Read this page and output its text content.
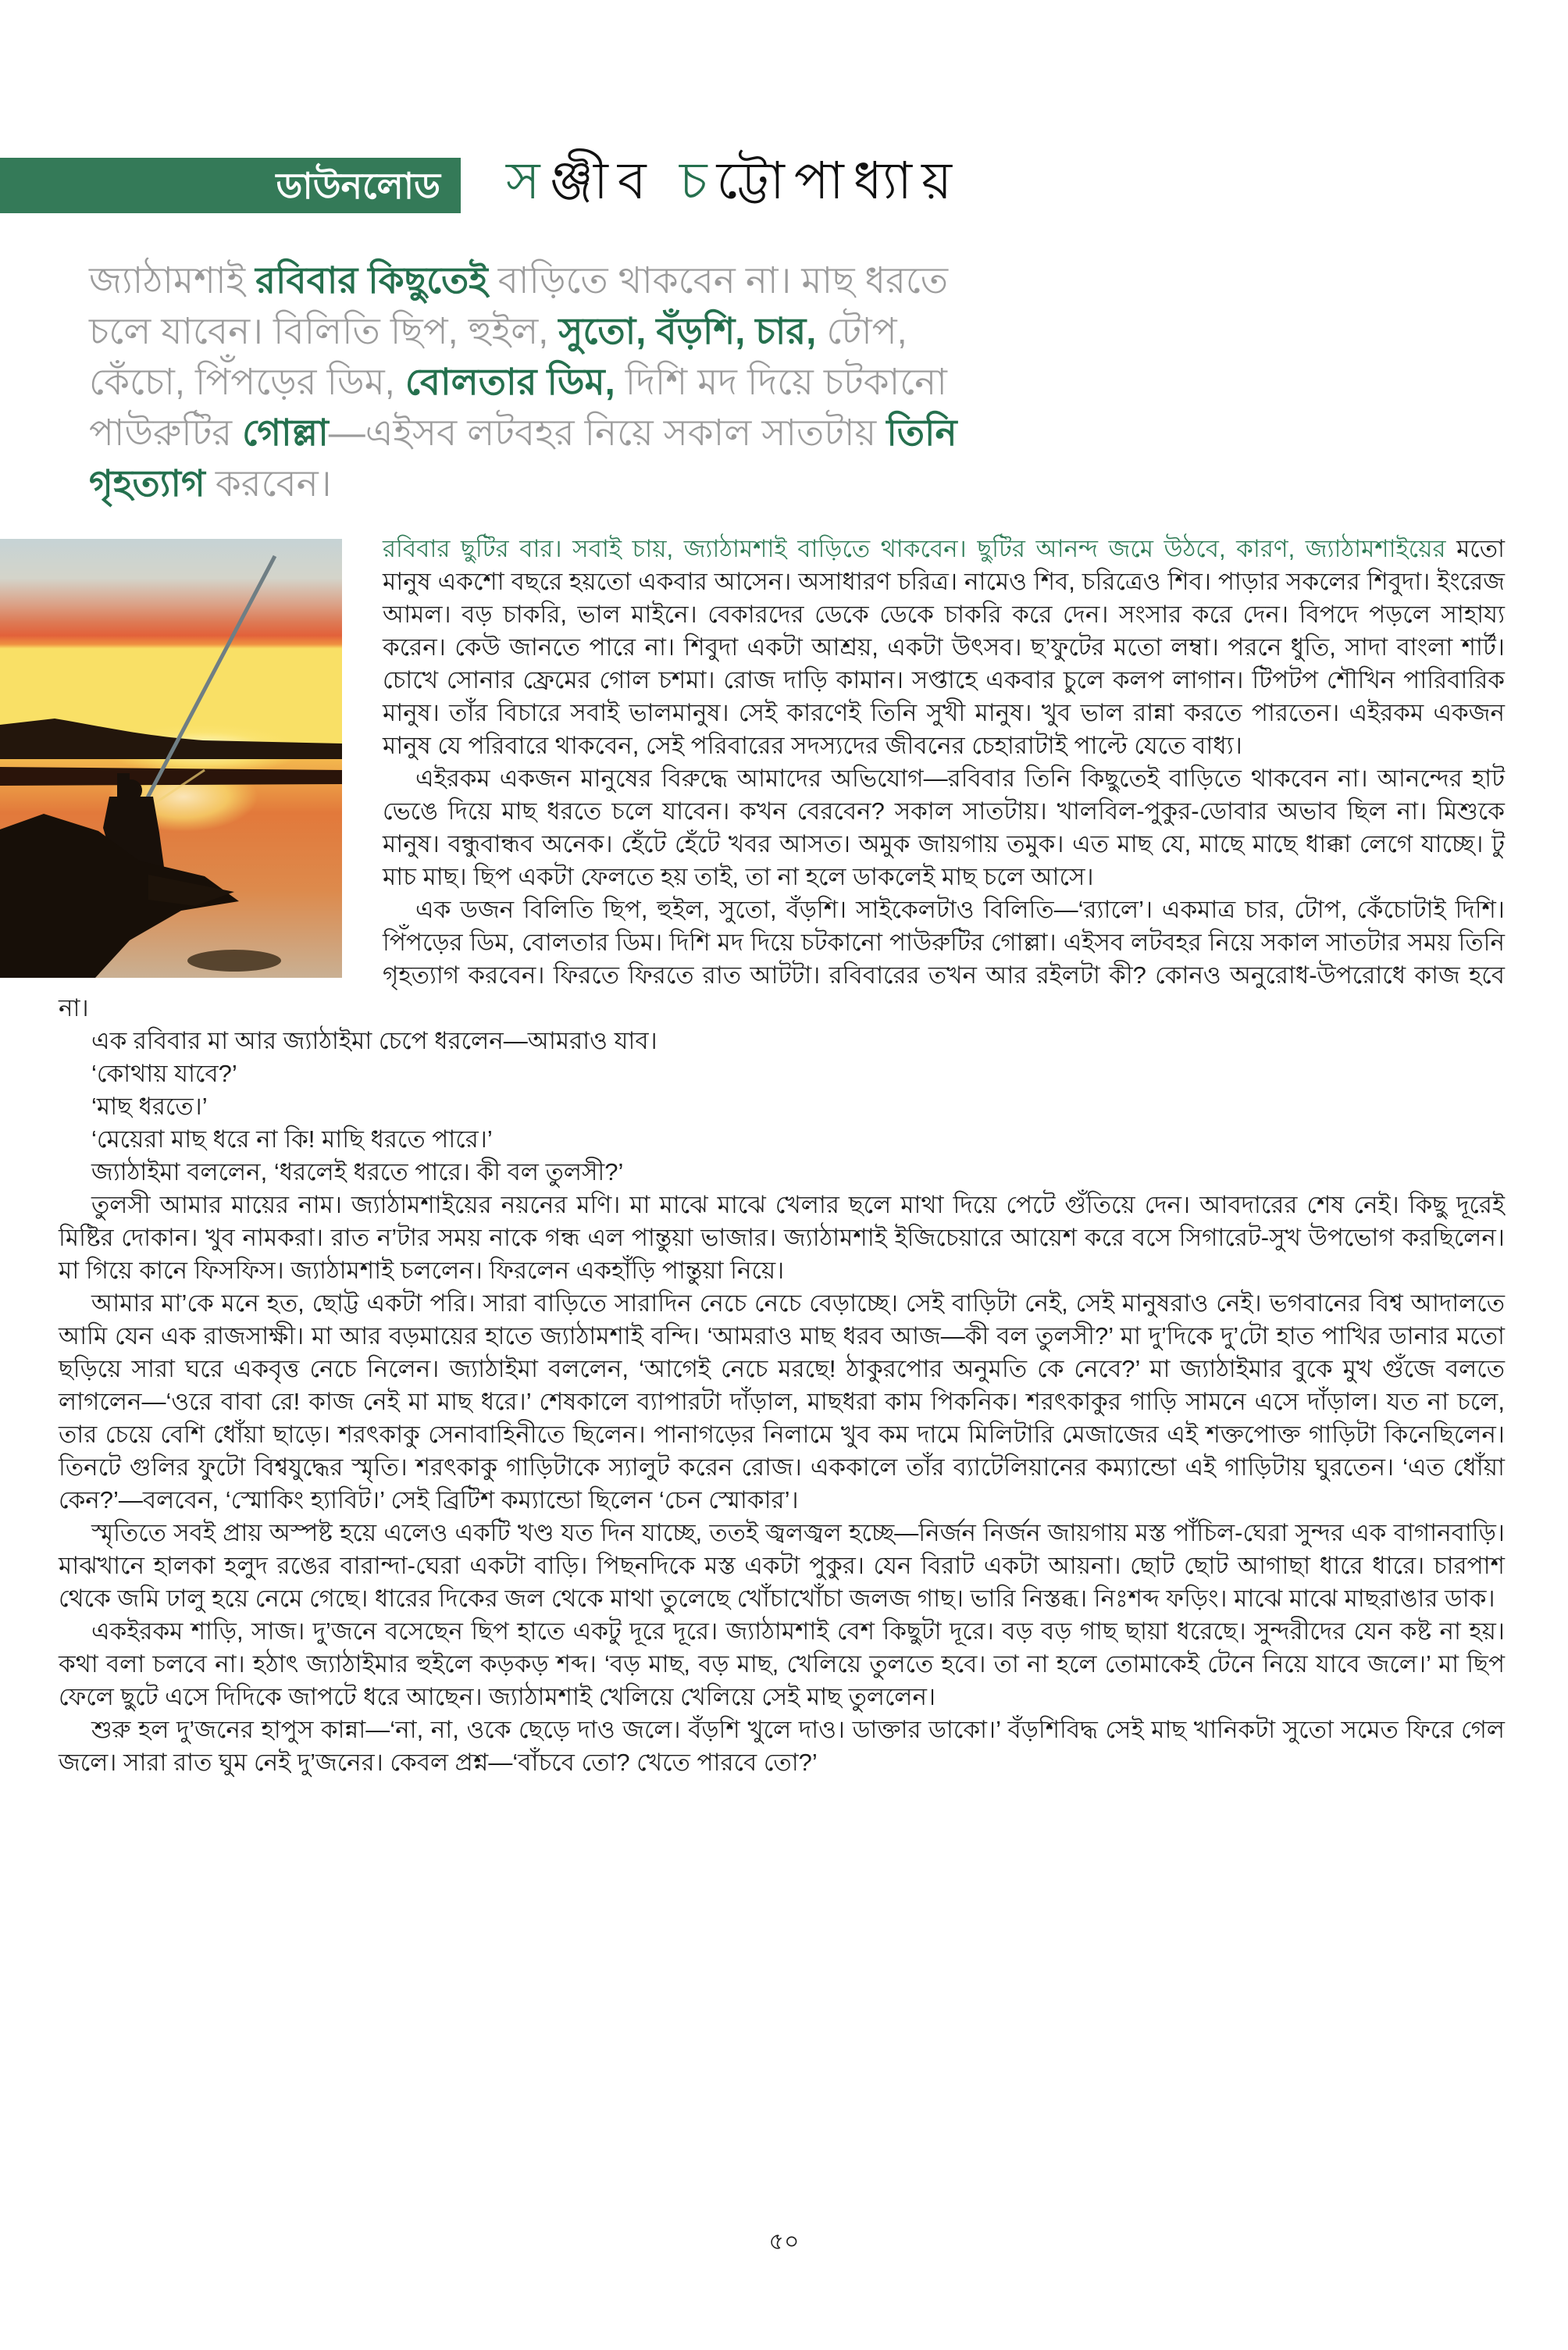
ডাউনলোড সঞ্জীব চট্টোপাধ্যায়
জ্যাঠামশাই রবিবার কিছুতেই বাড়িতে থাকবেন না। মাছ ধরতে চলে যাবেন। বিলিতি ছিপ, হুইল, সুতো, বঁড়শি, চার, টোপ, কেঁচো, পিঁপড়ের ডিম, বোলতার ডিম, দিশি মদ দিয়ে চটকানো পাউরুটির গোল্লা—এইসব লটবহর নিয়ে সকাল সাতটায় তিনি গৃহত্যাগ করবেন।

রবিবার ছুটির বার। সবাই চায়, জ্যাঠামশাই বাড়িতে থাকবেন। ছুটির আনন্দ জমে উঠবে, কারণ, জ্যাঠামশাইয়ের মতো মানুষ একশো বছরে হয়তো একবার আসেন। অসাধারণ চরিত্র। নামেও শিব, চরিত্রেও শিব। পাড়ার সকলের শিবুদা। ইংরেজ আমল। বড় চাকরি, ভাল মাইনে। বেকারদের ডেকে ডেকে চাকরি করে দেন। সংসার করে দেন। বিপদে পড়লে সাহায্য করেন। কেউ জানতে পারে না। শিবুদা একটা আশ্রয়, একটা উৎসব। ছ’ফুটের মতো লম্বা। পরনে ধুতি, সাদা বাংলা শার্ট। চোখে সোনার ফ্রেমের গোল চশমা। রোজ দাড়ি কামান। সপ্তাহে একবার চুলে কলপ লাগান। টিপটপ শৌখিন পারিবারিক মানুষ। তাঁর বিচারে সবাই ভালমানুষ। সেই কারণেই তিনি সুখী মানুষ। খুব ভাল রান্না করতে পারতেন। এইরকম একজন মানুষ যে পরিবারে থাকবেন, সেই পরিবারের সদস্যদের জীবনের চেহারাটাই পাল্টে যেতে বাধ্য।

এইরকম একজন মানুষের বিরুদ্ধে আমাদের অভিযোগ—রবিবার তিনি কিছুতেই বাড়িতে থাকবেন না। আনন্দের হাট ভেঙে দিয়ে মাছ ধরতে চলে যাবেন। কখন বেরবেন? সকাল সাতটায়। খালবিল-পুকুর-ডোবার অভাব ছিল না। মিশুকে মানুষ। বন্ধুবান্ধব অনেক। হেঁটে হেঁটে খবর আসত। অমুক জায়গায় তমুক। এত মাছ যে, মাছে মাছে ধাক্কা লেগে যাচ্ছে। টু মাচ মাছ। ছিপ একটা ফেলতে হয় তাই, তা না হলে ডাকলেই মাছ চলে আসে।

এক ডজন বিলিতি ছিপ, হুইল, সুতো, বঁড়শি। সাইকেলটাও বিলিতি—‘র‍্যালে’। একমাত্র চার, টোপ, কেঁচোটাই দিশি। পিঁপড়ের ডিম, বোলতার ডিম। দিশি মদ দিয়ে চটকানো পাউরুটির গোল্লা। এইসব লটবহর নিয়ে সকাল সাতটার সময় তিনি গৃহত্যাগ করবেন। ফিরতে ফিরতে রাত আটটা। রবিবারের তখন আর রইলটা কী? কোনও অনুরোধ-উপরোধে কাজ হবে না।

এক রবিবার মা আর জ্যাঠাইমা চেপে ধরলেন—আমরাও যাব।

‘কোথায় যাবে?’

‘মাছ ধরতে।’

‘মেয়েরা মাছ ধরে না কি! মাছি ধরতে পারে।’

জ্যাঠাইমা বললেন, ‘ধরলেই ধরতে পারে। কী বল তুলসী?’

তুলসী আমার মায়ের নাম। জ্যাঠামশাইয়ের নয়নের মণি। মা মাঝে মাঝে খেলার ছলে মাথা দিয়ে পেটে গুঁতিয়ে দেন। আবদারের শেষ নেই। কিছু দূরেই মিষ্টির দোকান। খুব নামকরা। রাত ন’টার সময় নাকে গন্ধ এল পান্তুয়া ভাজার। জ্যাঠামশাই ইজিচেয়ারে আয়েশ করে বসে সিগারেট-সুখ উপভোগ করছিলেন। মা গিয়ে কানে ফিসফিস। জ্যাঠামশাই চললেন। ফিরলেন একহাঁড়ি পান্তুয়া নিয়ে।

আমার মা’কে মনে হত, ছোট্ট একটা পরি। সারা বাড়িতে সারাদিন নেচে নেচে বেড়াচ্ছে। সেই বাড়িটা নেই, সেই মানুষরাও নেই। ভগবানের বিশ্ব আদালতে আমি যেন এক রাজসাক্ষী। মা আর বড়মায়ের হাতে জ্যাঠামশাই বন্দি। ‘আমরাও মাছ ধরব আজ—কী বল তুলসী?’ মা দু’দিকে দু’টো হাত পাখির ডানার মতো ছড়িয়ে সারা ঘরে একবৃত্ত নেচে নিলেন। জ্যাঠাইমা বললেন, ‘আগেই নেচে মরছে! ঠাকুরপোর অনুমতি কে নেবে?’ মা জ্যাঠাইমার বুকে মুখ গুঁজে বলতে লাগলেন—‘ওরে বাবা রে! কাজ নেই মা মাছ ধরে।’ শেষকালে ব্যাপারটা দাঁড়াল, মাছধরা কাম পিকনিক। শরৎকাকুর গাড়ি সামনে এসে দাঁড়াল। যত না চলে, তার চেয়ে বেশি ধোঁয়া ছাড়ে। শরৎকাকু সেনাবাহিনীতে ছিলেন। পানাগড়ের নিলামে খুব কম দামে মিলিটারি মেজাজের এই শক্তপোক্ত গাড়িটা কিনেছিলেন। তিনটে গুলির ফুটো বিশ্বযুদ্ধের স্মৃতি। শরৎকাকু গাড়িটাকে স্যালুট করেন রোজ। এককালে তাঁর ব্যাটেলিয়ানের কম্যান্ডো এই গাড়িটায় ঘুরতেন। ‘এত ধোঁয়া কেন?’—বলবেন, ‘স্মোকিং হ্যাবিট।’ সেই ব্রিটিশ কম্যান্ডো ছিলেন ‘চেন স্মোকার’।

স্মৃতিতে সবই প্রায় অস্পষ্ট হয়ে এলেও একটি খণ্ড যত দিন যাচ্ছে, ততই জ্বলজ্বল হচ্ছে—নির্জন নির্জন জায়গায় মস্ত পাঁচিল-ঘেরা সুন্দর এক বাগানবাড়ি। মাঝখানে হালকা হলুদ রঙের বারান্দা-ঘেরা একটা বাড়ি। পিছনদিকে মস্ত একটা পুকুর। যেন বিরাট একটা আয়না। ছোট ছোট আগাছা ধারে ধারে। চারপাশ থেকে জমি ঢালু হয়ে নেমে গেছে। ধারের দিকের জল থেকে মাথা তুলেছে খোঁচাখোঁচা জলজ গাছ। ভারি নিস্তব্ধ। নিঃশব্দ ফড়িং। মাঝে মাঝে মাছরাঙার ডাক।

একইরকম শাড়ি, সাজ। দু’জনে বসেছেন ছিপ হাতে একটু দূরে দূরে। জ্যাঠামশাই বেশ কিছুটা দূরে। বড় বড় গাছ ছায়া ধরেছে। সুন্দরীদের যেন কষ্ট না হয়। কথা বলা চলবে না। হঠাৎ জ্যাঠাইমার হুইলে কড়কড় শব্দ। ‘বড় মাছ, বড় মাছ, খেলিয়ে তুলতে হবে। তা না হলে তোমাকেই টেনে নিয়ে যাবে জলে।’ মা ছিপ ফেলে ছুটে এসে দিদিকে জাপটে ধরে আছেন। জ্যাঠামশাই খেলিয়ে খেলিয়ে সেই মাছ তুললেন।

শুরু হল দু’জনের হাপুস কান্না—‘না, না, ওকে ছেড়ে দাও জলে। বঁড়শি খুলে দাও। ডাক্তার ডাকো।’ বঁড়শিবিদ্ধ সেই মাছ খানিকটা সুতো সমেত ফিরে গেল জলে। সারা রাত ঘুম নেই দু’জনের। কেবল প্রশ্ন—‘বাঁচবে তো? খেতে পারবে তো?’

৫০
